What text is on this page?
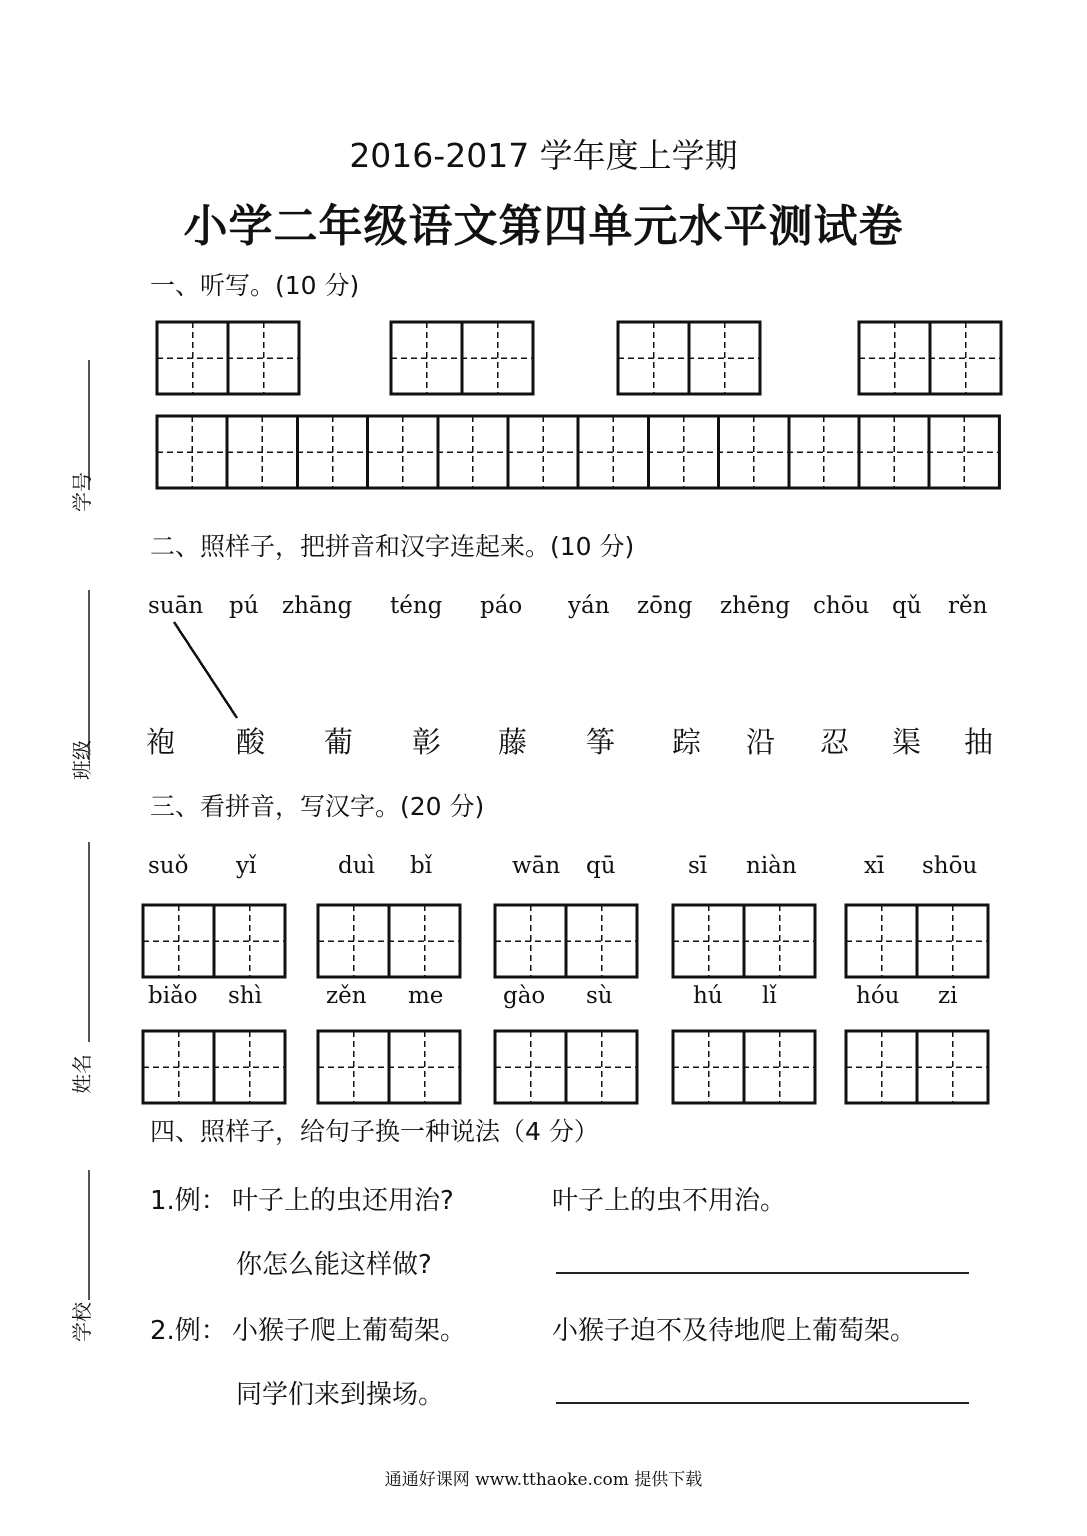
2016-2017 学年度上学期
小学二年级语文第四单元水平测试卷
学号
班级
姓名
学校
一、听写。(10 分)
二、照样子，把拼音和汉字连起来。(10 分)
suān pú zhāng téng páo yán zōng zhēng chōu qǔ rěn
袍 酸 葡 彰 藤 筝 踪 沿 忍 渠 抽
三、看拼音，写汉字。(20 分)
suǒ yǐ	duì bǐ	wān qū	sī niàn	xī shōu
biǎo shì	zěn me	gào sù	hú lǐ	hóu zi
四、照样子，给句子换一种说法（4 分）
1.例： 叶子上的虫还用治?	叶子上的虫不用治。
你怎么能这样做?
2.例： 小猴子爬上葡萄架。	小猴子迫不及待地爬上葡萄架。
同学们来到操场。
通通好课网 www.tthaoke.com 提供下载
